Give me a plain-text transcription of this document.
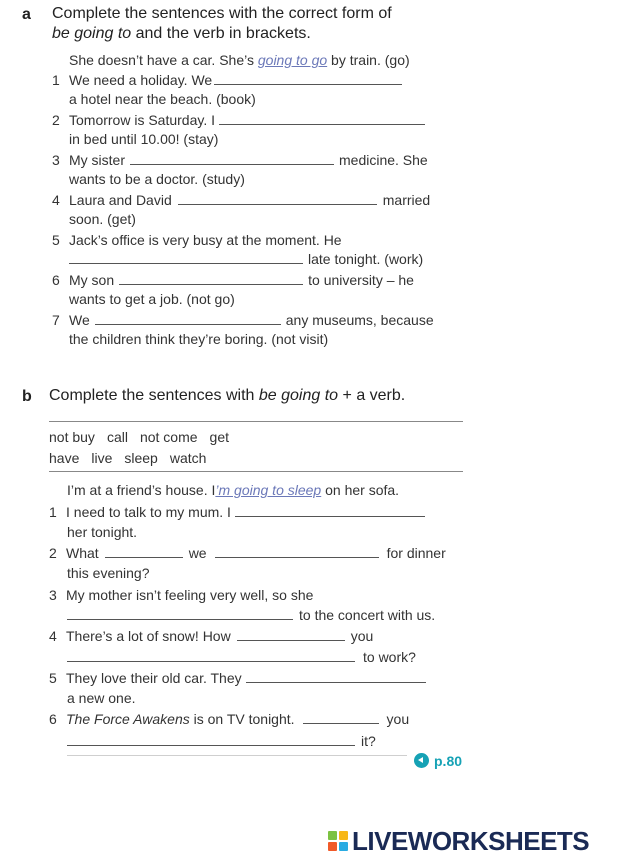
a Complete the sentences with the correct form of
be going to and the verb in brackets.
She doesn’t have a car. She’s going to go by train. (go)
1 We need a holiday. We
a hotel near the beach. (book)
2 Tomorrow is Saturday. I
in bed until 10.00! (stay)
3 My sister	medicine. She
wants to be a doctor. (study)
4 Laura and David	married
soon. (get)
5 Jack’s office is very busy at the moment. He
late tonight. (work)
6 My son	to university – he
wants to get a job. (not go)
7 We	any museums, because
the children think they’re boring. (not visit)
b Complete the sentences with be going to + a verb.
not buy call not come get
have live sleep watch
I’m at a friend’s house. I’m going to sleep on her sofa.
1 I need to talk to my mum. I
her tonight.
2 What	we	for dinner
this evening?
3 My mother isn’t feeling very well, so she
to the concert with us.
4 There’s a lot of snow! How	you
to work?
5 They love their old car. They
a new one.
6 The Force Awakens is on TV tonight.	you
it?
p.80
LIVEWORKSHEETS
